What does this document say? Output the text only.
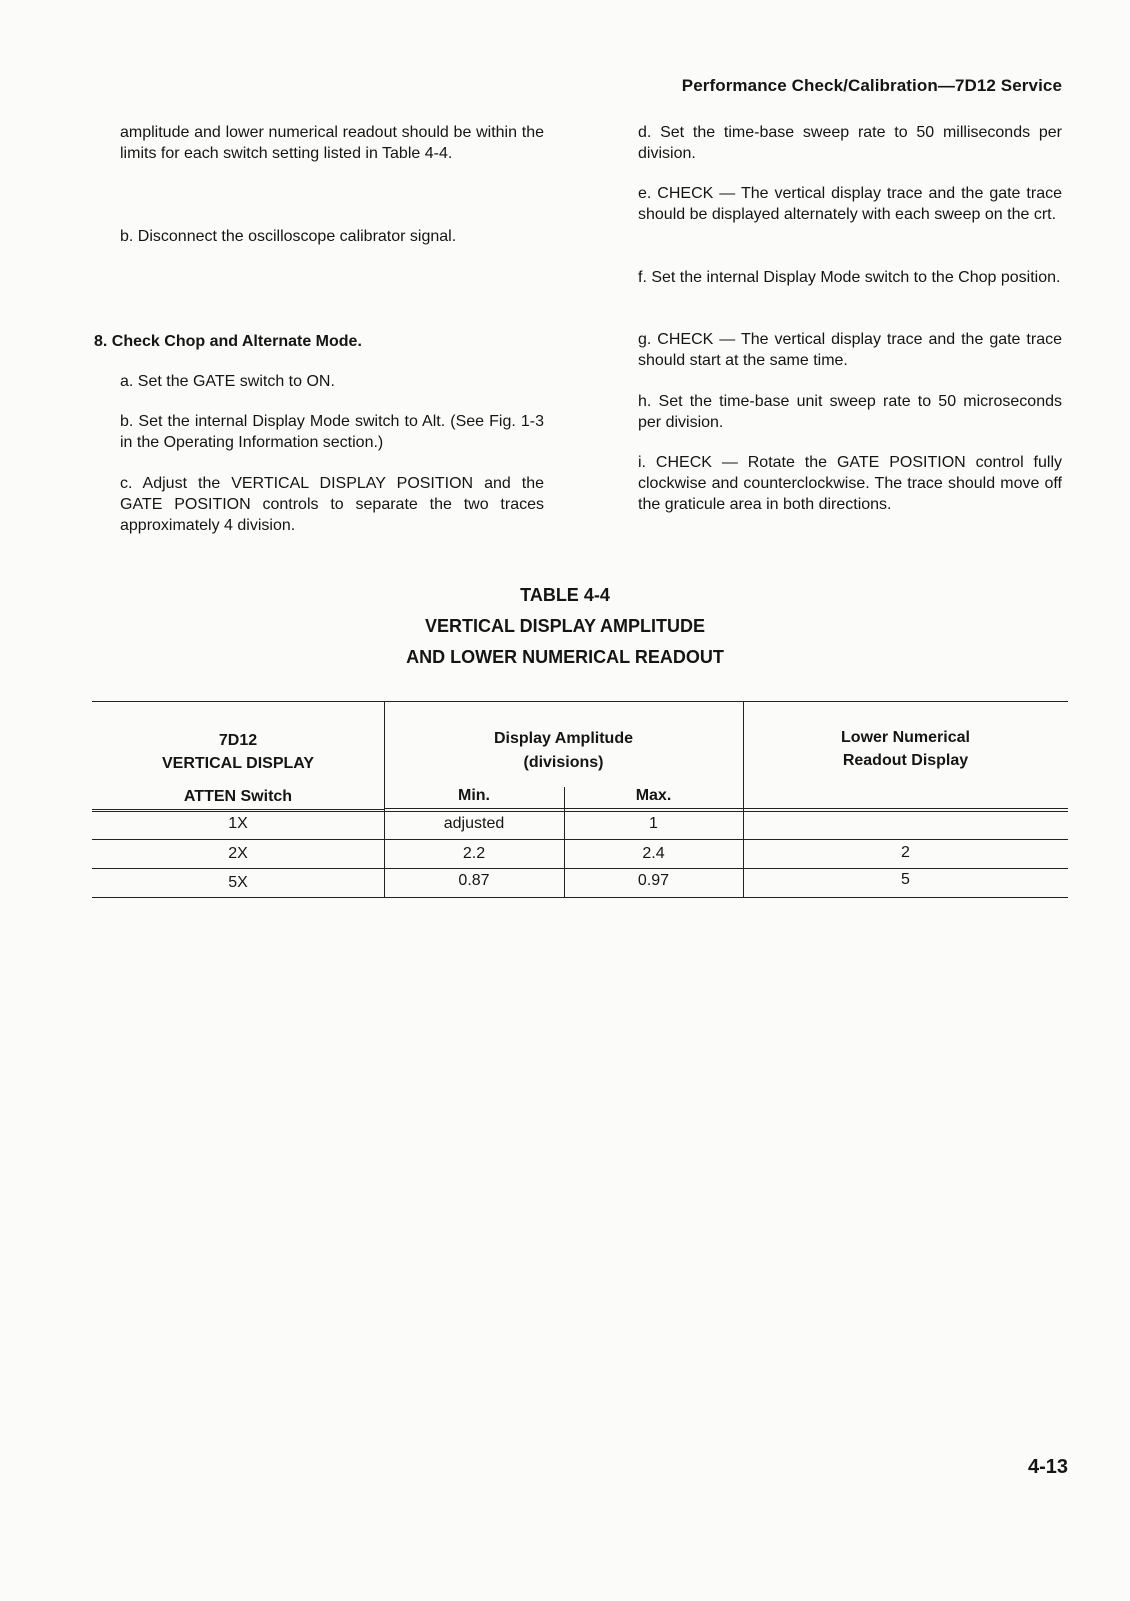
Performance Check/Calibration—7D12 Service

amplitude and lower numerical readout should be within the limits for each switch setting listed in Table 4-4.

b. Disconnect the oscilloscope calibrator signal.

8. Check Chop and Alternate Mode.

a. Set the GATE switch to ON.

b. Set the internal Display Mode switch to Alt. (See Fig. 1-3 in the Operating Information section.)

c. Adjust the VERTICAL DISPLAY POSITION and the GATE POSITION controls to separate the two traces approximately 4 division.

d. Set the time-base sweep rate to 50 milliseconds per division.

e. CHECK — The vertical display trace and the gate trace should be displayed alternately with each sweep on the crt.

f. Set the internal Display Mode switch to the Chop position.

g. CHECK — The vertical display trace and the gate trace should start at the same time.

h. Set the time-base unit sweep rate to 50 microseconds per division.

i. CHECK — Rotate the GATE POSITION control fully clockwise and counterclockwise. The trace should move off the graticule area in both directions.

TABLE 4-4
VERTICAL DISPLAY AMPLITUDE
AND LOWER NUMERICAL READOUT
7D12
VERTICAL DISPLAY
ATTEN Switch
Display Amplitude
(divisions)
Min.	Max.
Lower Numerical
Readout Display
1X	adjusted	1
2X	2.2	2.4	2
5X	0.87	0.97	5
4-13
